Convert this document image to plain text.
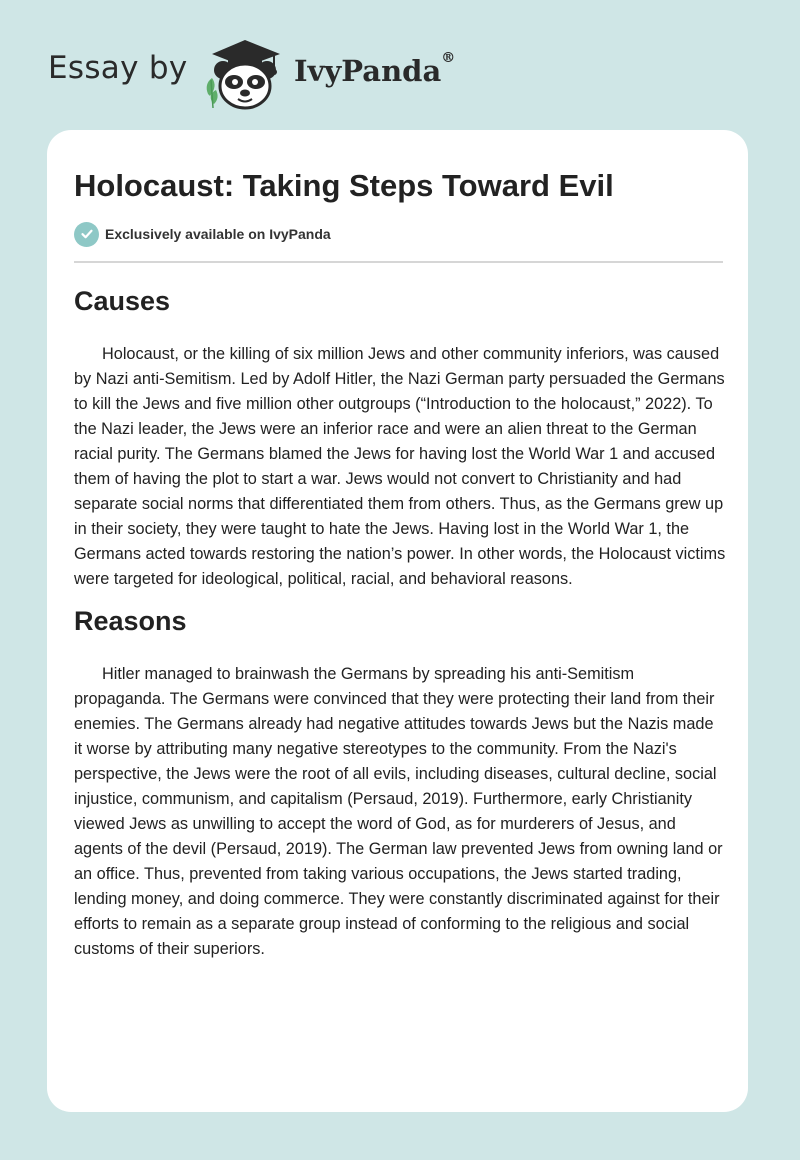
Essay by	IvyPanda®
Holocaust: Taking Steps Toward Evil
Exclusively available on IvyPanda
Causes

Holocaust, or the killing of six million Jews and other community inferiors, was caused by Nazi anti-Semitism. Led by Adolf Hitler, the Nazi German party persuaded the Germans to kill the Jews and five million other outgroups (“Introduction to the holocaust,” 2022). To the Nazi leader, the Jews were an inferior race and were an alien threat to the German racial purity. The Germans blamed the Jews for having lost the World War 1 and accused them of having the plot to start a war. Jews would not convert to Christianity and had separate social norms that differentiated them from others. Thus, as the Germans grew up in their society, they were taught to hate the Jews. Having lost in the World War 1, the Germans acted towards restoring the nation’s power. In other words, the Holocaust victims were targeted for ideological, political, racial, and behavioral reasons.

Reasons

Hitler managed to brainwash the Germans by spreading his anti-Semitism propaganda. The Germans were convinced that they were protecting their land from their enemies. The Germans already had negative attitudes towards Jews but the Nazis made it worse by attributing many negative stereotypes to the community. From the Nazi's perspective, the Jews were the root of all evils, including diseases, cultural decline, social injustice, communism, and capitalism (Persaud, 2019). Furthermore, early Christianity viewed Jews as unwilling to accept the word of God, as for murderers of Jesus, and agents of the devil (Persaud, 2019). The German law prevented Jews from owning land or an office. Thus, prevented from taking various occupations, the Jews started trading, lending money, and doing commerce. They were constantly discriminated against for their efforts to remain as a separate group instead of conforming to the religious and social customs of their superiors.
